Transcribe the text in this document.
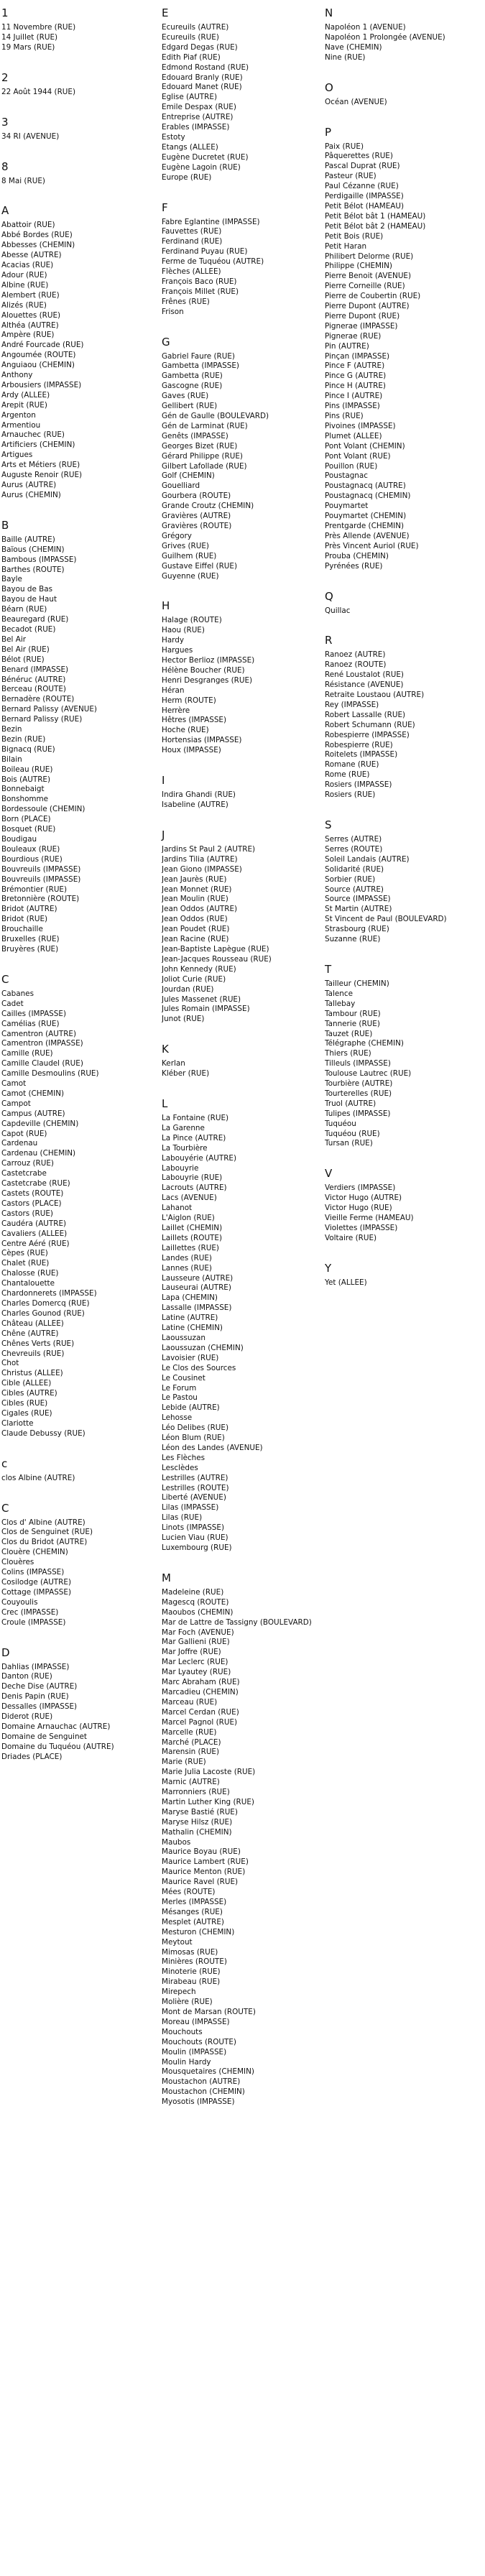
1
11 Novembre (RUE)
14 Juillet (RUE)
19 Mars (RUE)
2
22 Août 1944 (RUE)
3
34 RI (AVENUE)
8
8 Mai (RUE)
A
Abattoir (RUE)
Abbé Bordes (RUE)
Abbesses (CHEMIN)
Abesse (AUTRE)
Acacias (RUE)
Adour (RUE)
Albine (RUE)
Alembert (RUE)
Alizés (RUE)
Alouettes (RUE)
Althéa (AUTRE)
Ampère (RUE)
André Fourcade (RUE)
Angoumée (ROUTE)
Anguiaou (CHEMIN)
Anthony
Arbousiers (IMPASSE)
Ardy (ALLEE)
Arepit (RUE)
Argenton
Armentiou
Arnauchec (RUE)
Artificiers (CHEMIN)
Artigues
Arts et Métiers (RUE)
Auguste Renoir (RUE)
Aurus (AUTRE)
Aurus (CHEMIN)
B
Baille (AUTRE)
Baïous (CHEMIN)
Bambous (IMPASSE)
Barthes (ROUTE)
Bayle
Bayou de Bas
Bayou de Haut
Béarn (RUE)
Beauregard (RUE)
Becadot (RUE)
Bel Air
Bel Air (RUE)
Bélot (RUE)
Benard (IMPASSE)
Bénéruc (AUTRE)
Berceau (ROUTE)
Bernadère (ROUTE)
Bernard Palissy (AVENUE)
Bernard Palissy (RUE)
Bezin
Bezin (RUE)
Bignacq (RUE)
Bilain
Boileau (RUE)
Bois (AUTRE)
Bonnebaigt
Bonshomme
Bordessoule (CHEMIN)
Born (PLACE)
Bosquet (RUE)
Boudigau
Bouleaux (RUE)
Bourdious (RUE)
Bouvreuils (IMPASSE)
Bouvreuils (IMPASSE)
Brémontier (RUE)
Bretonnière (ROUTE)
Bridot (AUTRE)
Bridot (RUE)
Brouchaille
Bruxelles (RUE)
Bruyères (RUE)
C
Cabanes
Cadet
Cailles (IMPASSE)
Camélias (RUE)
Camentron (AUTRE)
Camentron (IMPASSE)
Camille (RUE)
Camille Claudel (RUE)
Camille Desmoulins (RUE)
Camot
Camot (CHEMIN)
Campot
Campus (AUTRE)
Capdeville (CHEMIN)
Capot (RUE)
Cardenau
Cardenau (CHEMIN)
Carrouz (RUE)
Castetcrabe
Castetcrabe (RUE)
Castets (ROUTE)
Castors (PLACE)
Castors (RUE)
Caudéra (AUTRE)
Cavaliers (ALLEE)
Centre Aéré (RUE)
Cèpes (RUE)
Chalet (RUE)
Chalosse (RUE)
Chantalouette
Chardonnerets (IMPASSE)
Charles Domercq (RUE)
Charles Gounod (RUE)
Château (ALLEE)
Chêne (AUTRE)
Chênes Verts (RUE)
Chevreuils (RUE)
Chot
Christus (ALLEE)
Cible (ALLEE)
Cibles (AUTRE)
Cibles (RUE)
Cigales (RUE)
Clariotte
Claude Debussy (RUE)
c
clos Albine (AUTRE)
C
Clos d' Albine (AUTRE)
Clos de Senguinet (RUE)
Clos du Bridot (AUTRE)
Clouère (CHEMIN)
Clouères
Colins (IMPASSE)
Cosilodge (AUTRE)
Cottage (IMPASSE)
Couyoulis
Crec (IMPASSE)
Croule (IMPASSE)
D
Dahlias (IMPASSE)
Danton (RUE)
Deche Dise (AUTRE)
Denis Papin (RUE)
Dessalles (IMPASSE)
Diderot (RUE)
Domaine Arnauchac (AUTRE)
Domaine de Senguinet
Domaine du Tuquéou (AUTRE)
Driades (PLACE)
E
Ecureuils (AUTRE)
Ecureuils (RUE)
Edgard Degas (RUE)
Edith Piaf (RUE)
Edmond Rostand (RUE)
Edouard Branly (RUE)
Edouard Manet (RUE)
Eglise (AUTRE)
Emile Despax (RUE)
Entreprise (AUTRE)
Erables (IMPASSE)
Estoty
Etangs (ALLEE)
Eugène Ducretet (RUE)
Eugène Lagoin (RUE)
Europe (RUE)
F
Fabre Eglantine (IMPASSE)
Fauvettes (RUE)
Ferdinand (RUE)
Ferdinand Puyau (RUE)
Ferme de Tuquéou (AUTRE)
Flèches (ALLEE)
François Baco (RUE)
François Millet (RUE)
Frênes (RUE)
Frison
G
Gabriel Faure (RUE)
Gambetta (IMPASSE)
Gambetta (RUE)
Gascogne (RUE)
Gaves (RUE)
Gellibert (RUE)
Gén de Gaulle (BOULEVARD)
Gén de Larminat (RUE)
Genêts (IMPASSE)
Georges Bizet (RUE)
Gérard Philippe (RUE)
Gilbert Lafollade (RUE)
Golf (CHEMIN)
Gouelliard
Gourbera (ROUTE)
Grande Croutz (CHEMIN)
Gravières (AUTRE)
Gravières (ROUTE)
Grégory
Grives (RUE)
Guilhem (RUE)
Gustave Eiffel (RUE)
Guyenne (RUE)
H
Halage (ROUTE)
Haou (RUE)
Hardy
Hargues
Hector Berlioz (IMPASSE)
Hélène Boucher (RUE)
Henri Desgranges (RUE)
Héran
Herm (ROUTE)
Herrère
Hêtres (IMPASSE)
Hoche (RUE)
Hortensias (IMPASSE)
Houx (IMPASSE)
I
Indira Ghandi (RUE)
Isabeline (AUTRE)
J
Jardins St Paul 2 (AUTRE)
Jardins Tilia (AUTRE)
Jean Giono (IMPASSE)
Jean Jaurès (RUE)
Jean Monnet (RUE)
Jean Moulin (RUE)
Jean Oddos (AUTRE)
Jean Oddos (RUE)
Jean Poudet (RUE)
Jean Racine (RUE)
Jean-Baptiste Lapègue (RUE)
Jean-Jacques Rousseau (RUE)
John Kennedy (RUE)
Joliot Curie (RUE)
Jourdan (RUE)
Jules Massenet (RUE)
Jules Romain (IMPASSE)
Junot (RUE)
K
Kerlan
Kléber (RUE)
L
La Fontaine (RUE)
La Garenne
La Pince (AUTRE)
La Tourbière
Labouyérie (AUTRE)
Labouyrie
Labouyrie (RUE)
Lacrouts (AUTRE)
Lacs (AVENUE)
Lahanot
L'Aiglon (RUE)
Laillet (CHEMIN)
Laillets (ROUTE)
Laillettes (RUE)
Landes (RUE)
Lannes (RUE)
Lausseure (AUTRE)
Lauseurai (AUTRE)
Lapa (CHEMIN)
Lassalle (IMPASSE)
Latine (AUTRE)
Latine (CHEMIN)
Laoussuzan
Laoussuzan (CHEMIN)
Lavoisier (RUE)
Le Clos des Sources
Le Cousinet
Le Forum
Le Pastou
Lebide (AUTRE)
Lehosse
Léo Delibes (RUE)
Léon Blum (RUE)
Léon des Landes (AVENUE)
Les Flèches
Lesclèdes
Lestrilles (AUTRE)
Lestrilles (ROUTE)
Liberté (AVENUE)
Lilas (IMPASSE)
Lilas (RUE)
Linots (IMPASSE)
Lucien Viau (RUE)
Luxembourg (RUE)
M
Madeleine (RUE)
Magescq (ROUTE)
Maoubos (CHEMIN)
Mar de Lattre de Tassigny (BOULEVARD)
Mar Foch (AVENUE)
Mar Gallieni (RUE)
Mar Joffre (RUE)
Mar Leclerc (RUE)
Mar Lyautey (RUE)
Marc Abraham (RUE)
Marcadieu (CHEMIN)
Marceau (RUE)
Marcel Cerdan (RUE)
Marcel Pagnol (RUE)
Marcelle (RUE)
Marché (PLACE)
Marensin (RUE)
Marie (RUE)
Marie Julia Lacoste (RUE)
Marnic (AUTRE)
Marronniers (RUE)
Martin Luther King (RUE)
Maryse Bastié (RUE)
Maryse Hilsz (RUE)
Mathalin (CHEMIN)
Maubos
Maurice Boyau (RUE)
Maurice Lambert (RUE)
Maurice Menton (RUE)
Maurice Ravel (RUE)
Mées (ROUTE)
Merles (IMPASSE)
Mésanges (RUE)
Mesplet (AUTRE)
Mesturon (CHEMIN)
Meytout
Mimosas (RUE)
Minières (ROUTE)
Minoterie (RUE)
Mirabeau (RUE)
Mirepech
Molière (RUE)
Mont de Marsan (ROUTE)
Moreau (IMPASSE)
Mouchouts
Mouchouts (ROUTE)
Moulin (IMPASSE)
Moulin Hardy
Mousquetaires (CHEMIN)
Moustachon (AUTRE)
Moustachon (CHEMIN)
Myosotis (IMPASSE)
N
Napoléon 1 (AVENUE)
Napoléon 1 Prolongée (AVENUE)
Nave (CHEMIN)
Nine (RUE)
O
Océan (AVENUE)
P
Paix (RUE)
Pâquerettes (RUE)
Pascal Duprat (RUE)
Pasteur (RUE)
Paul Cézanne (RUE)
Perdigaille (IMPASSE)
Petit Bélot (HAMEAU)
Petit Bélot bât 1 (HAMEAU)
Petit Bélot bât 2 (HAMEAU)
Petit Bois (RUE)
Petit Haran
Philibert Delorme (RUE)
Philippe (CHEMIN)
Pierre Benoit (AVENUE)
Pierre Corneille (RUE)
Pierre de Coubertin (RUE)
Pierre Dupont (AUTRE)
Pierre Dupont (RUE)
Pignerae (IMPASSE)
Pignerae (RUE)
Pin (AUTRE)
Pinçan (IMPASSE)
Pince F (AUTRE)
Pince G (AUTRE)
Pince H (AUTRE)
Pince I (AUTRE)
Pins (IMPASSE)
Pins (RUE)
Pivoines (IMPASSE)
Plumet (ALLEE)
Pont Volant (CHEMIN)
Pont Volant (RUE)
Pouillon (RUE)
Poustagnac
Poustagnacq (AUTRE)
Poustagnacq (CHEMIN)
Pouymartet
Pouymartet (CHEMIN)
Prentgarde (CHEMIN)
Près Allende (AVENUE)
Près Vincent Auriol (RUE)
Prouba (CHEMIN)
Pyrénées (RUE)
Q
Quillac
R
Ranoez (AUTRE)
Ranoez (ROUTE)
René Loustalot (RUE)
Résistance (AVENUE)
Retraite Loustaou (AUTRE)
Rey (IMPASSE)
Robert Lassalle (RUE)
Robert Schumann (RUE)
Robespierre (IMPASSE)
Robespierre (RUE)
Roitelets (IMPASSE)
Romane (RUE)
Rome (RUE)
Rosiers (IMPASSE)
Rosiers (RUE)
S
Serres (AUTRE)
Serres (ROUTE)
Soleil Landais (AUTRE)
Solidarité (RUE)
Sorbier (RUE)
Source (AUTRE)
Source (IMPASSE)
St Martin (AUTRE)
St Vincent de Paul (BOULEVARD)
Strasbourg (RUE)
Suzanne (RUE)
T
Tailleur (CHEMIN)
Talence
Tallebay
Tambour (RUE)
Tannerie (RUE)
Tauzet (RUE)
Télégraphe (CHEMIN)
Thiers (RUE)
Tilleuls (IMPASSE)
Toulouse Lautrec (RUE)
Tourbière (AUTRE)
Tourterelles (RUE)
Truol (AUTRE)
Tulipes (IMPASSE)
Tuquéou
Tuquéou (RUE)
Tursan (RUE)
V
Verdiers (IMPASSE)
Victor Hugo (AUTRE)
Victor Hugo (RUE)
Vieille Ferme (HAMEAU)
Violettes (IMPASSE)
Voltaire (RUE)
Y
Yet (ALLEE)
